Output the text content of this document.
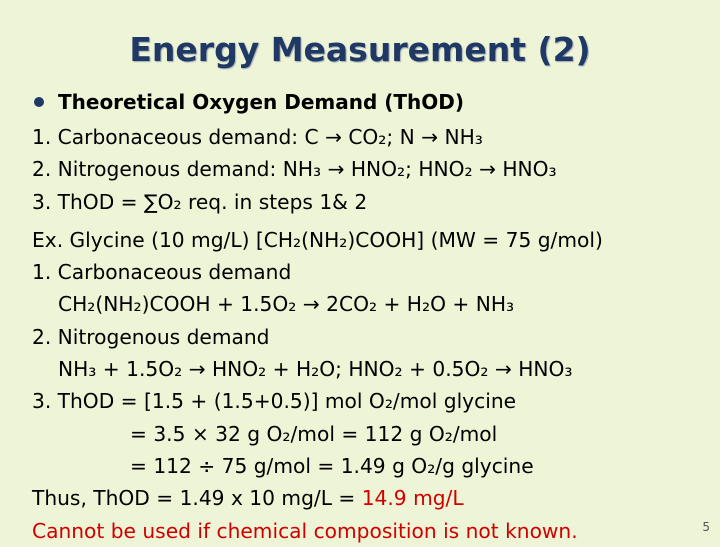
Energy Measurement (2)
Theoretical Oxygen Demand (ThOD)
1. Carbonaceous demand: C → CO₂; N → NH₃
2. Nitrogenous demand: NH₃ → HNO₂; HNO₂ → HNO₃
3. ThOD = ∑O₂ req. in steps 1& 2
Ex. Glycine (10 mg/L) [CH₂(NH₂)COOH] (MW = 75 g/mol)
1. Carbonaceous demand
CH₂(NH₂)COOH + 1.5O₂ → 2CO₂ + H₂O + NH₃
2. Nitrogenous demand
NH₃ + 1.5O₂ → HNO₂ + H₂O; HNO₂ + 0.5O₂ → HNO₃
3. ThOD = [1.5 + (1.5+0.5)] mol O₂/mol glycine
= 3.5 × 32 g O₂/mol = 112 g O₂/mol
= 112 ÷ 75 g/mol = 1.49 g O₂/g glycine
Thus, ThOD = 1.49 x 10 mg/L = 14.9 mg/L
Cannot be used if chemical composition is not known.	5
